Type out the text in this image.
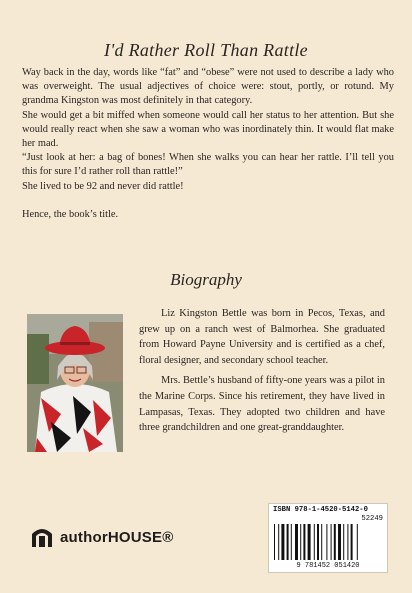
I'd Rather Roll Than Rattle

Way back in the day, words like “fat” and “obese” were not used to describe a lady who was overweight. The usual adjectives of choice were: stout, portly, or rotund. My grandma Kingston was most definitely in that category.

She would get a bit miffed when someone would call her status to her attention. But she would really react when she saw a woman who was inordinately thin. It would flat make her mad.

“Just look at her: a bag of bones! When she walks you can hear her rattle. I’ll tell you this for sure I’d rather roll than rattle!”

She lived to be 92 and never did rattle!

Hence, the book’s title.

Biography

Liz Kingston Bettle was born in Pecos, Texas, and grew up on a ranch west of Balmorhea. She graduated from Howard Payne University and is certified as a chef, floral designer, and secondary school teacher.

Mrs. Bettle’s husband of fifty-one years was a pilot in the Marine Corps. Since his retirement, they have lived in Lampasas, Texas. They adopted two children and have three grandchildren and one great-granddaughter.

authorHOUSE®
ISBN 978-1-4520-5142-0
52249
9 781452 051420
